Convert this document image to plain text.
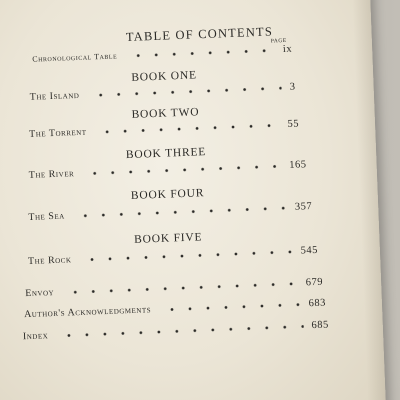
TABLE OF CONTENTS
PAGE
Chronological Table
ix
BOOK ONE
The Island
3
BOOK TWO
The Torrent
55
BOOK THREE
The River
165
BOOK FOUR
The Sea
357
BOOK FIVE
The Rock
545
Envoy
679
Author's Acknowledgments
683
Index
685
